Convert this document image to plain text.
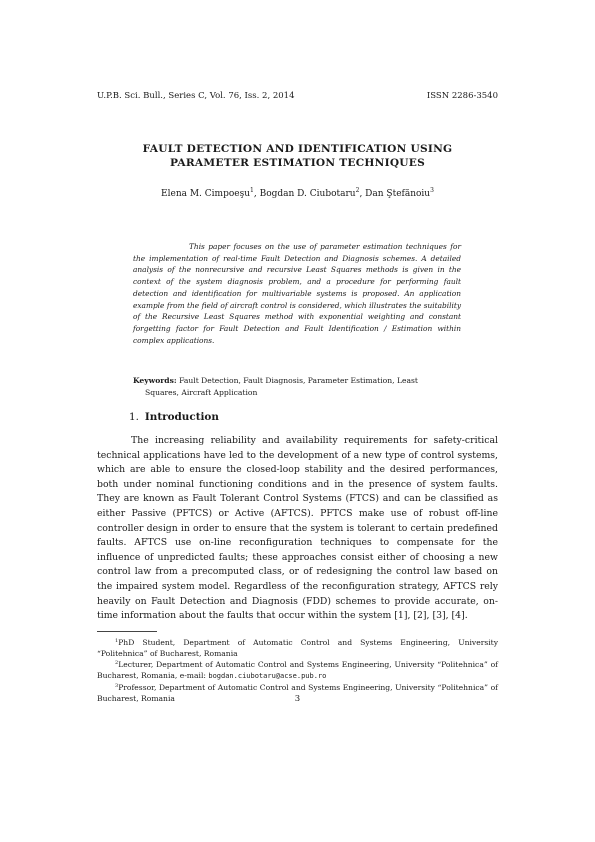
U.P.B. Sci. Bull., Series C, Vol. 76, Iss. 2, 2014	ISSN 2286-3540
FAULT DETECTION AND IDENTIFICATION USING
PARAMETER ESTIMATION TECHNIQUES
Elena M. Cimpoeşu$^1$, Bogdan D. Ciubotaru$^2$, Dan Ştefănoiu$^3$

This paper focuses on the use of parameter estimation techniques for the implementation of real-time Fault Detection and Diagnosis schemes. A detailed analysis of the nonrecursive and recursive Least Squares methods is given in the context of the system diagnosis problem, and a procedure for performing fault detection and identification for multivariable systems is proposed. An application example from the field of aircraft control is considered, which illustrates the suitability of the Recursive Least Squares method with exponential weighting and constant forgetting factor for Fault Detection and Fault Identification / Estimation within complex applications.

Keywords: Fault Detection, Fault Diagnosis, Parameter Estimation, Least
Squares, Aircraft Application

1. Introduction

The increasing reliability and availability requirements for safety-critical technical applications have led to the development of a new type of control systems, which are able to ensure the closed-loop stability and the desired performances, both under nominal functioning conditions and in the presence of system faults. They are known as Fault Tolerant Control Systems (FTCS) and can be classified as either Passive (PFTCS) or Active (AFTCS). PFTCS make use of robust off-line controller design in order to ensure that the system is tolerant to certain predefined faults. AFTCS use on-line reconfiguration techniques to compensate for the influence of unpredicted faults; these approaches consist either of choosing a new control law from a precomputed class, or of redesigning the control law based on the impaired system model. Regardless of the reconfiguration strategy, AFTCS rely heavily on Fault Detection and Diagnosis (FDD) schemes to provide accurate, on-time information about the faults that occur within the system [1], [2], [3], [4].

$^1$PhD Student, Department of Automatic Control and Systems Engineering, University “Politehnica” of Bucharest, Romania

$^2$Lecturer, Department of Automatic Control and Systems Engineering, University “Politehnica” of Bucharest, Romania, e-mail: bogdan.ciubotaru@acse.pub.ro

$^3$Professor, Department of Automatic Control and Systems Engineering, University “Politehnica” of Bucharest, Romania	3
